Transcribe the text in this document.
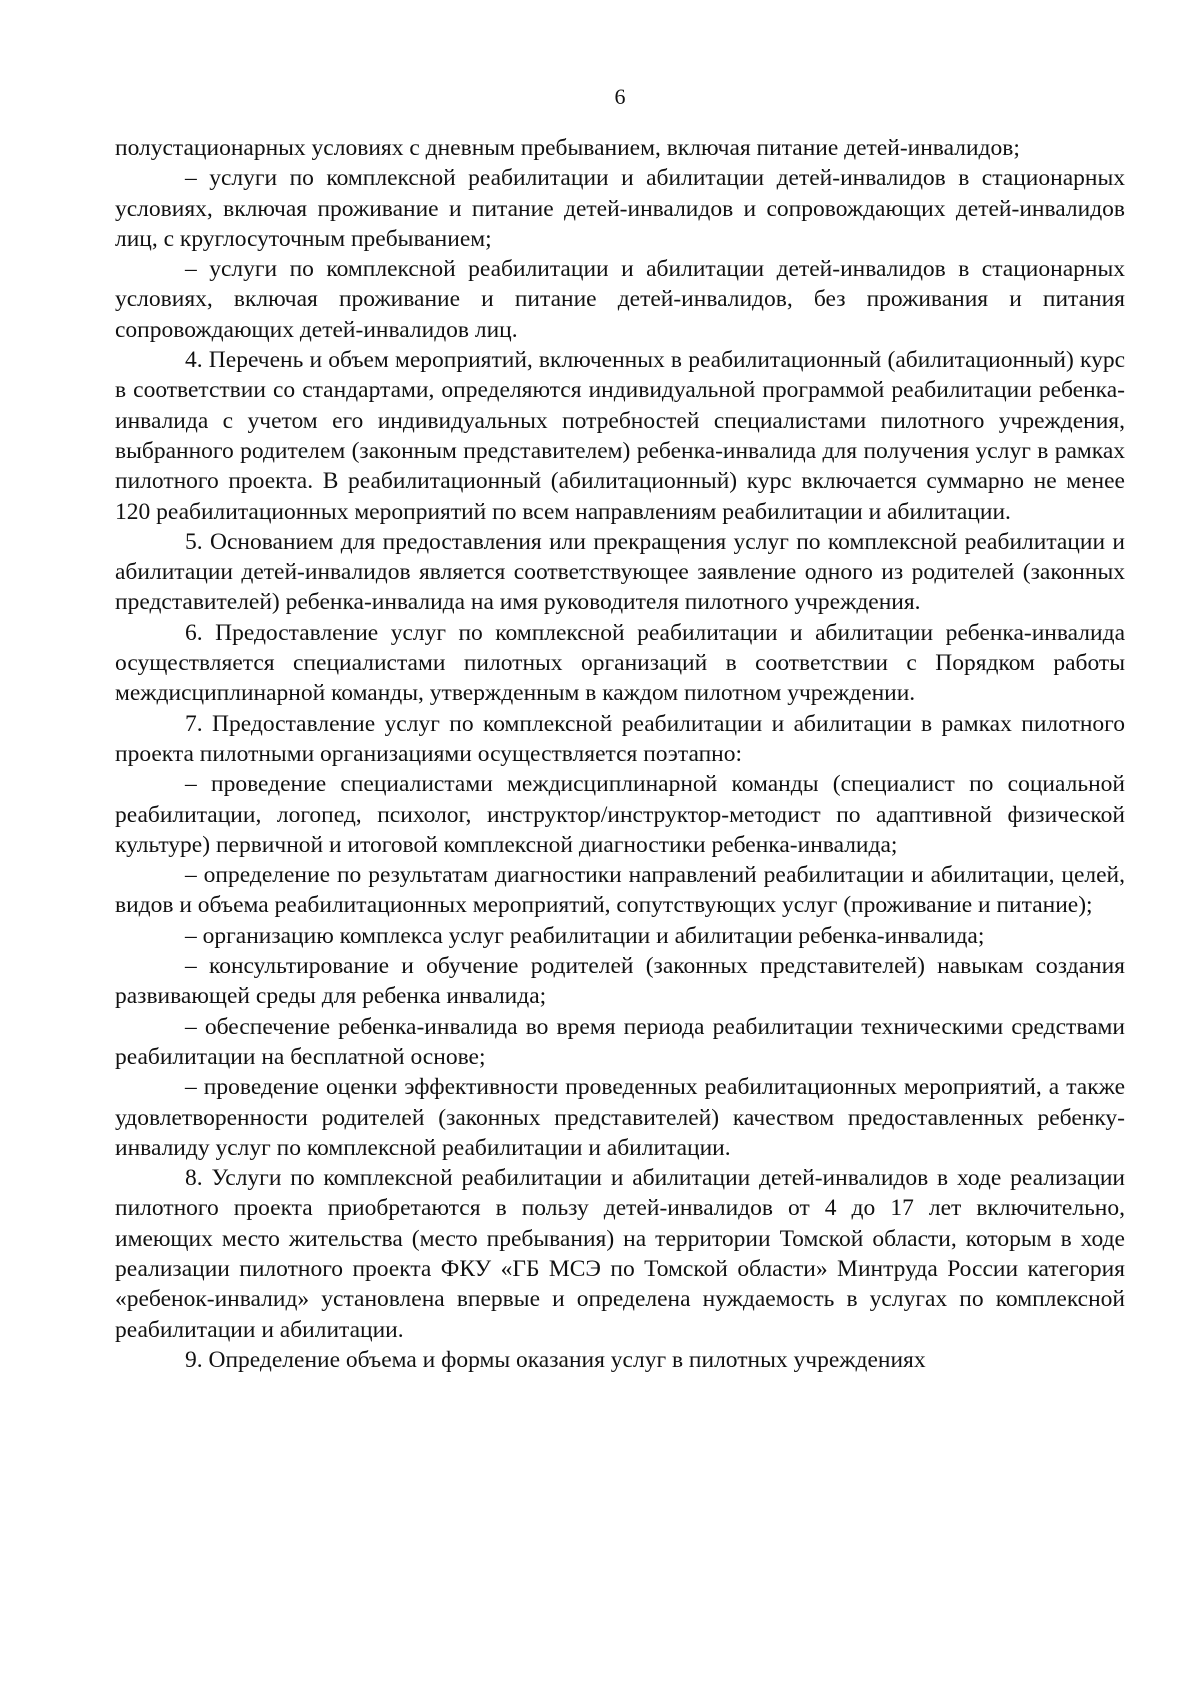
6

полустационарных условиях с дневным пребыванием, включая питание детей-инвалидов;

– услуги по комплексной реабилитации и абилитации детей-инвалидов в стационарных условиях, включая проживание и питание детей-инвалидов и сопровождающих детей-инвалидов лиц, с круглосуточным пребыванием;

– услуги по комплексной реабилитации и абилитации детей-инвалидов в стационарных условиях, включая проживание и питание детей-инвалидов, без проживания и питания сопровождающих детей-инвалидов лиц.

4. Перечень и объем мероприятий, включенных в реабилитационный (абилитационный) курс в соответствии со стандартами, определяются индивидуальной программой реабилитации ребенка-инвалида с учетом его индивидуальных потребностей специалистами пилотного учреждения, выбранного родителем (законным представителем) ребенка-инвалида для получения услуг в рамках пилотного проекта. В реабилитационный (абилитационный) курс включается суммарно не менее 120 реабилитационных мероприятий по всем направлениям реабилитации и абилитации.

5. Основанием для предоставления или прекращения услуг по комплексной реабилитации и абилитации детей-инвалидов является соответствующее заявление одного из родителей (законных представителей) ребенка-инвалида на имя руководителя пилотного учреждения.

6. Предоставление услуг по комплексной реабилитации и абилитации ребенка-инвалида осуществляется специалистами пилотных организаций в соответствии с Порядком работы междисциплинарной команды, утвержденным в каждом пилотном учреждении.

7. Предоставление услуг по комплексной реабилитации и абилитации в рамках пилотного проекта пилотными организациями осуществляется поэтапно:

– проведение специалистами междисциплинарной команды (специалист по социальной реабилитации, логопед, психолог, инструктор/инструктор-методист по адаптивной физической культуре) первичной и итоговой комплексной диагностики ребенка-инвалида;

– определение по результатам диагностики направлений реабилитации и абилитации, целей, видов и объема реабилитационных мероприятий, сопутствующих услуг (проживание и питание);

– организацию комплекса услуг реабилитации и абилитации ребенка-инвалида;

– консультирование и обучение родителей (законных представителей) навыкам создания развивающей среды для ребенка инвалида;

– обеспечение ребенка-инвалида во время периода реабилитации техническими средствами реабилитации на бесплатной основе;

– проведение оценки эффективности проведенных реабилитационных мероприятий, а также удовлетворенности родителей (законных представителей) качеством предоставленных ребенку-инвалиду услуг по комплексной реабилитации и абилитации.

8. Услуги по комплексной реабилитации и абилитации детей-инвалидов в ходе реализации пилотного проекта приобретаются в пользу детей-инвалидов от 4 до 17 лет включительно, имеющих место жительства (место пребывания) на территории Томской области, которым в ходе реализации пилотного проекта ФКУ «ГБ МСЭ по Томской области» Минтруда России категория «ребенок-инвалид» установлена впервые и определена нуждаемость в услугах по комплексной реабилитации и абилитации.

9. Определение объема и формы оказания услуг в пилотных учреждениях
